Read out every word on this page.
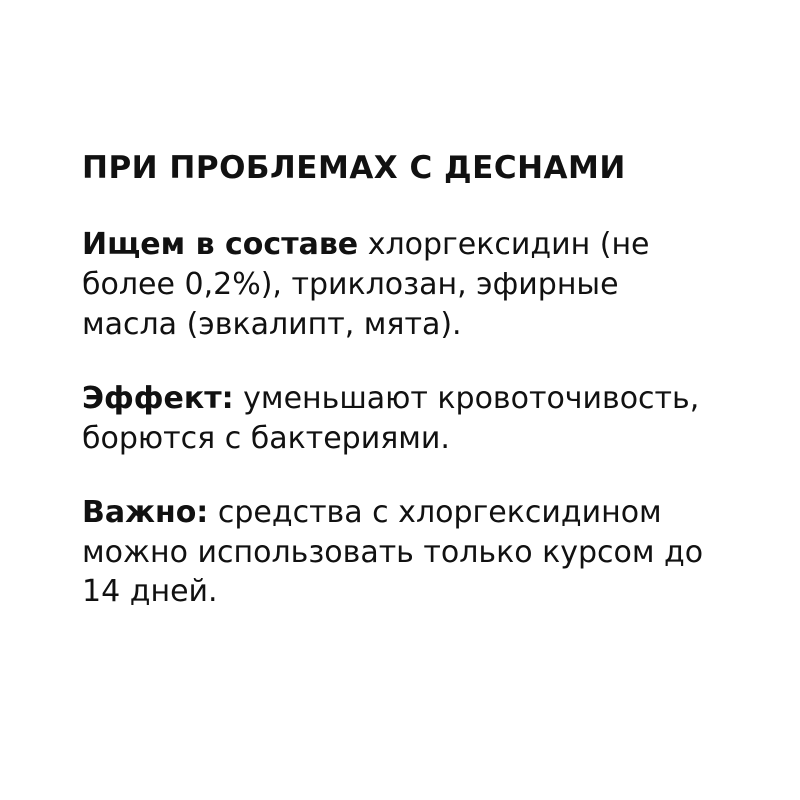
ПРИ ПРОБЛЕМАХ С ДЕСНАМИ

Ищем в составе хлоргексидин (не более 0,2%), триклозан, эфирные масла (эвкалипт, мята).

Эффект: уменьшают кровоточивость, борются с бактериями.

Важно: средства с хлоргексидином можно использовать только курсом до 14 дней.
